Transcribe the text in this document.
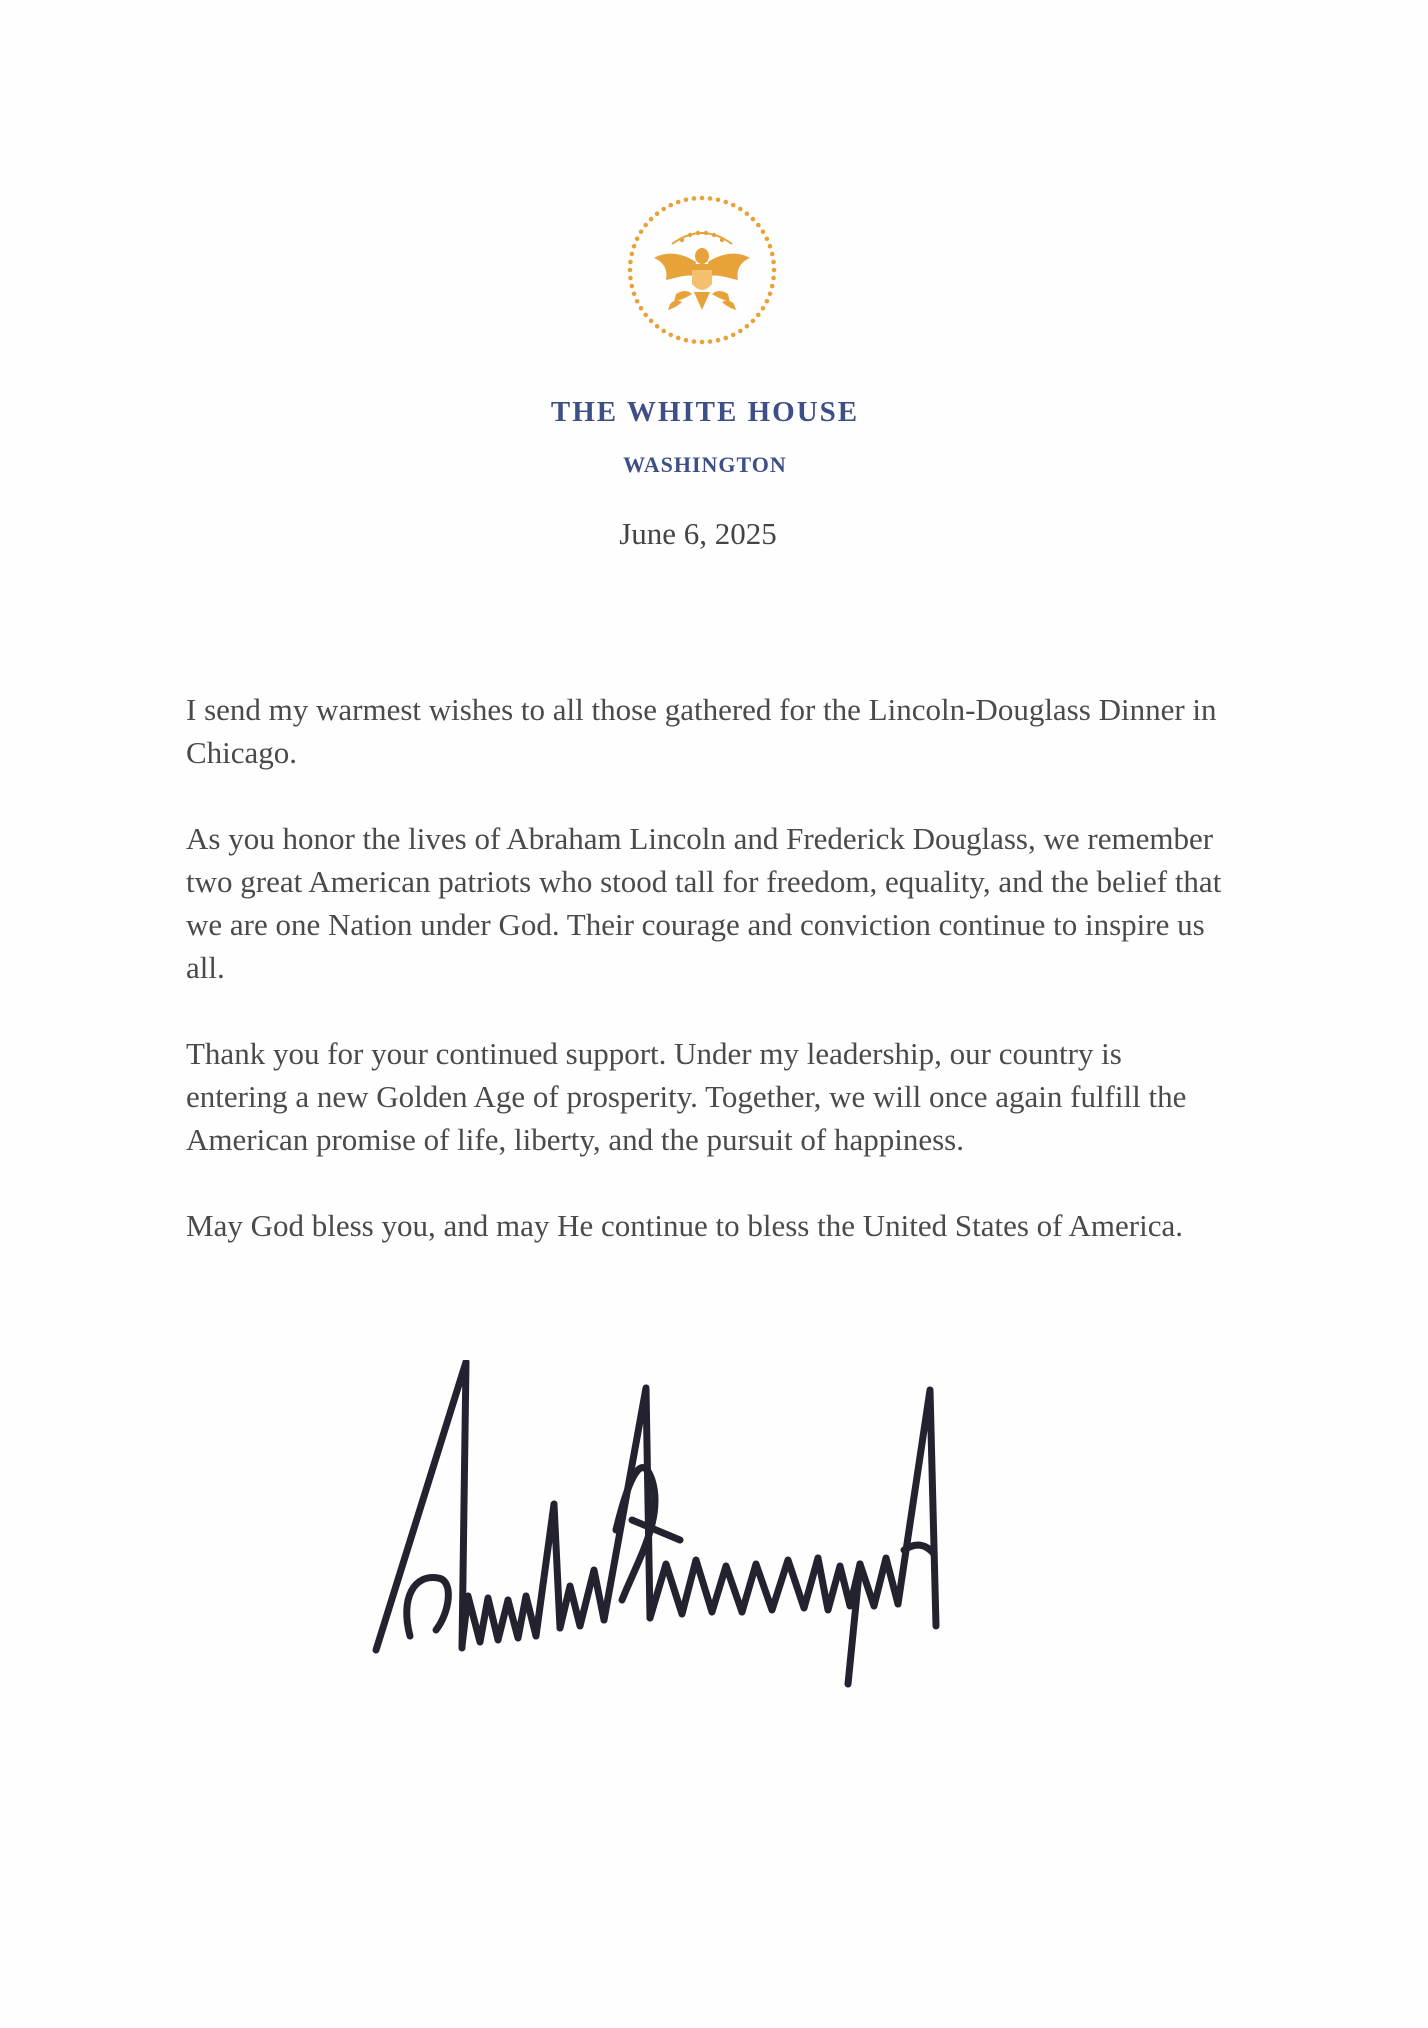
THE WHITE HOUSE
WASHINGTON
June 6, 2025

I send my warmest wishes to all those gathered for the Lincoln-Douglass Dinner in Chicago.

As you honor the lives of Abraham Lincoln and Frederick Douglass, we remember two great American patriots who stood tall for freedom, equality, and the belief that we are one Nation under God. Their courage and conviction continue to inspire us all.

Thank you for your continued support. Under my leadership, our country is entering a new Golden Age of prosperity. Together, we will once again fulfill the American promise of life, liberty, and the pursuit of happiness.

May God bless you, and may He continue to bless the United States of America.
